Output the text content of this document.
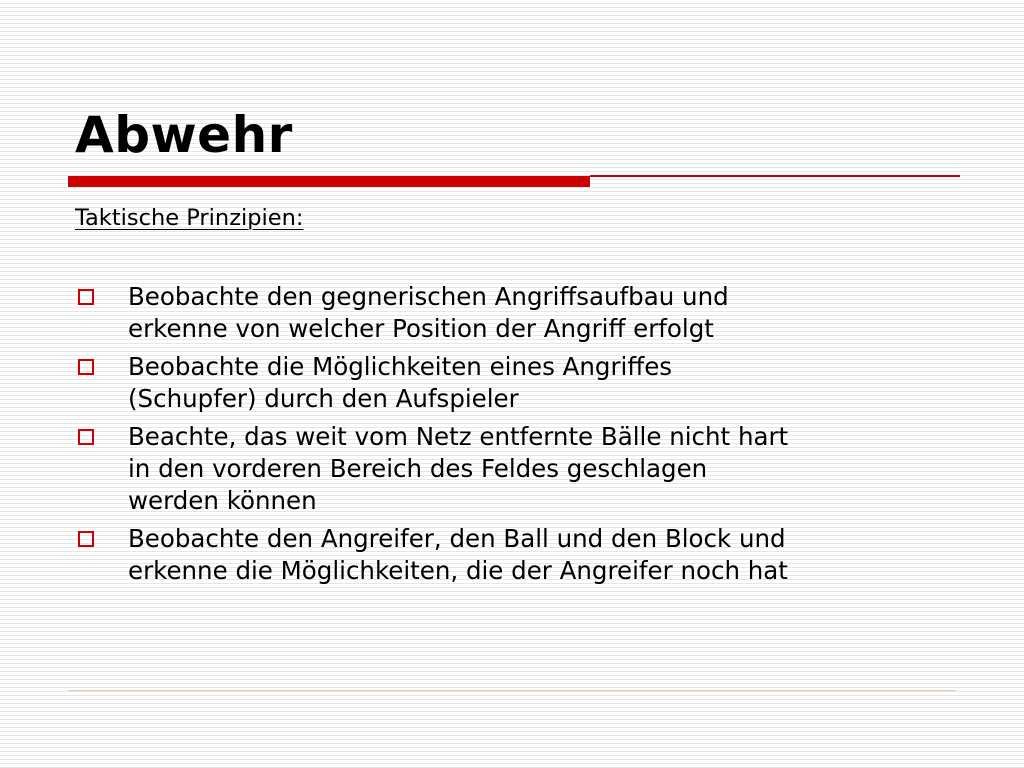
Abwehr
Taktische Prinzipien:
Beobachte den gegnerischen Angriffsaufbau und
erkenne von welcher Position der Angriff erfolgt
Beobachte die Möglichkeiten eines Angriffes
(Schupfer) durch den Aufspieler
Beachte, das weit vom Netz entfernte Bälle nicht hart
in den vorderen Bereich des Feldes geschlagen
werden können
Beobachte den Angreifer, den Ball und den Block und
erkenne die Möglichkeiten, die der Angreifer noch hat
